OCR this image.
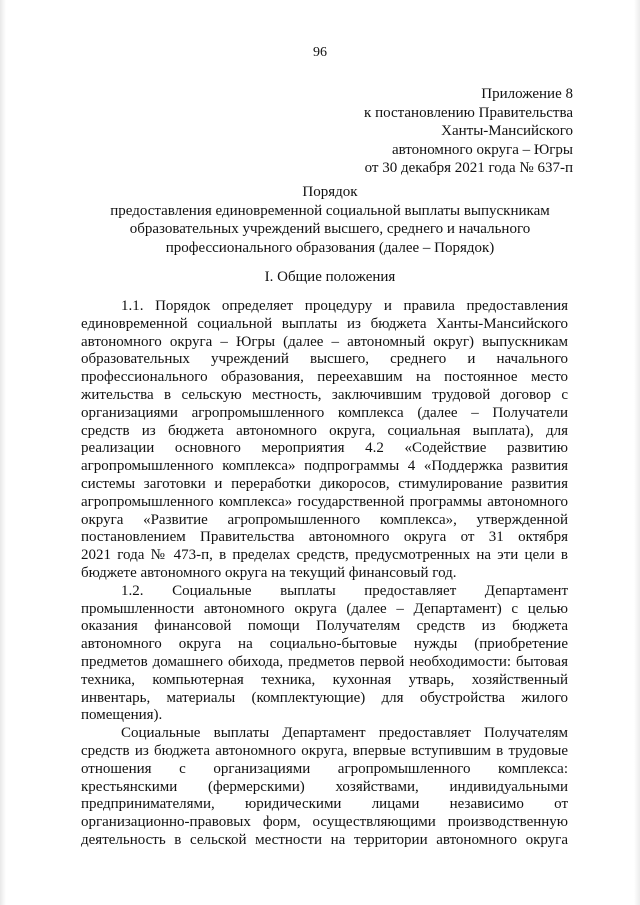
96
Приложение 8
к постановлению Правительства
Ханты-Мансийского
автономного округа – Югры
от 30 декабря 2021 года № 637-п
Порядок
предоставления единовременной социальной выплаты выпускникам
образовательных учреждений высшего, среднего и начального
профессионального образования (далее – Порядок)
I. Общие положения
1.1. Порядок определяет процедуру и правила предоставления
единовременной социальной выплаты из бюджета Ханты-Мансийского
автономного округа – Югры (далее – автономный округ) выпускникам
образовательных учреждений высшего, среднего и начального
профессионального образования, переехавшим на постоянное место
жительства в сельскую местность, заключившим трудовой договор с
организациями агропромышленного комплекса (далее – Получатели
средств из бюджета автономного округа, социальная выплата), для
реализации основного мероприятия 4.2 «Содействие развитию
агропромышленного комплекса» подпрограммы 4 «Поддержка развития
системы заготовки и переработки дикоросов, стимулирование развития
агропромышленного комплекса» государственной программы автономного
округа «Развитие агропромышленного комплекса», утвержденной
постановлением Правительства автономного округа от 31 октября
2021 года № 473-п, в пределах средств, предусмотренных на эти цели в
бюджете автономного округа на текущий финансовый год.
1.2. Социальные выплаты предоставляет Департамент
промышленности автономного округа (далее – Департамент) с целью
оказания финансовой помощи Получателям средств из бюджета
автономного округа на социально-бытовые нужды (приобретение
предметов домашнего обихода, предметов первой необходимости: бытовая
техника, компьютерная техника, кухонная утварь, хозяйственный
инвентарь, материалы (комплектующие) для обустройства жилого
помещения).
Социальные выплаты Департамент предоставляет Получателям
средств из бюджета автономного округа, впервые вступившим в трудовые
отношения с организациями агропромышленного комплекса:
крестьянскими (фермерскими) хозяйствами, индивидуальными
предпринимателями, юридическими лицами независимо от
организационно-правовых форм, осуществляющими производственную
деятельность в сельской местности на территории автономного округа
